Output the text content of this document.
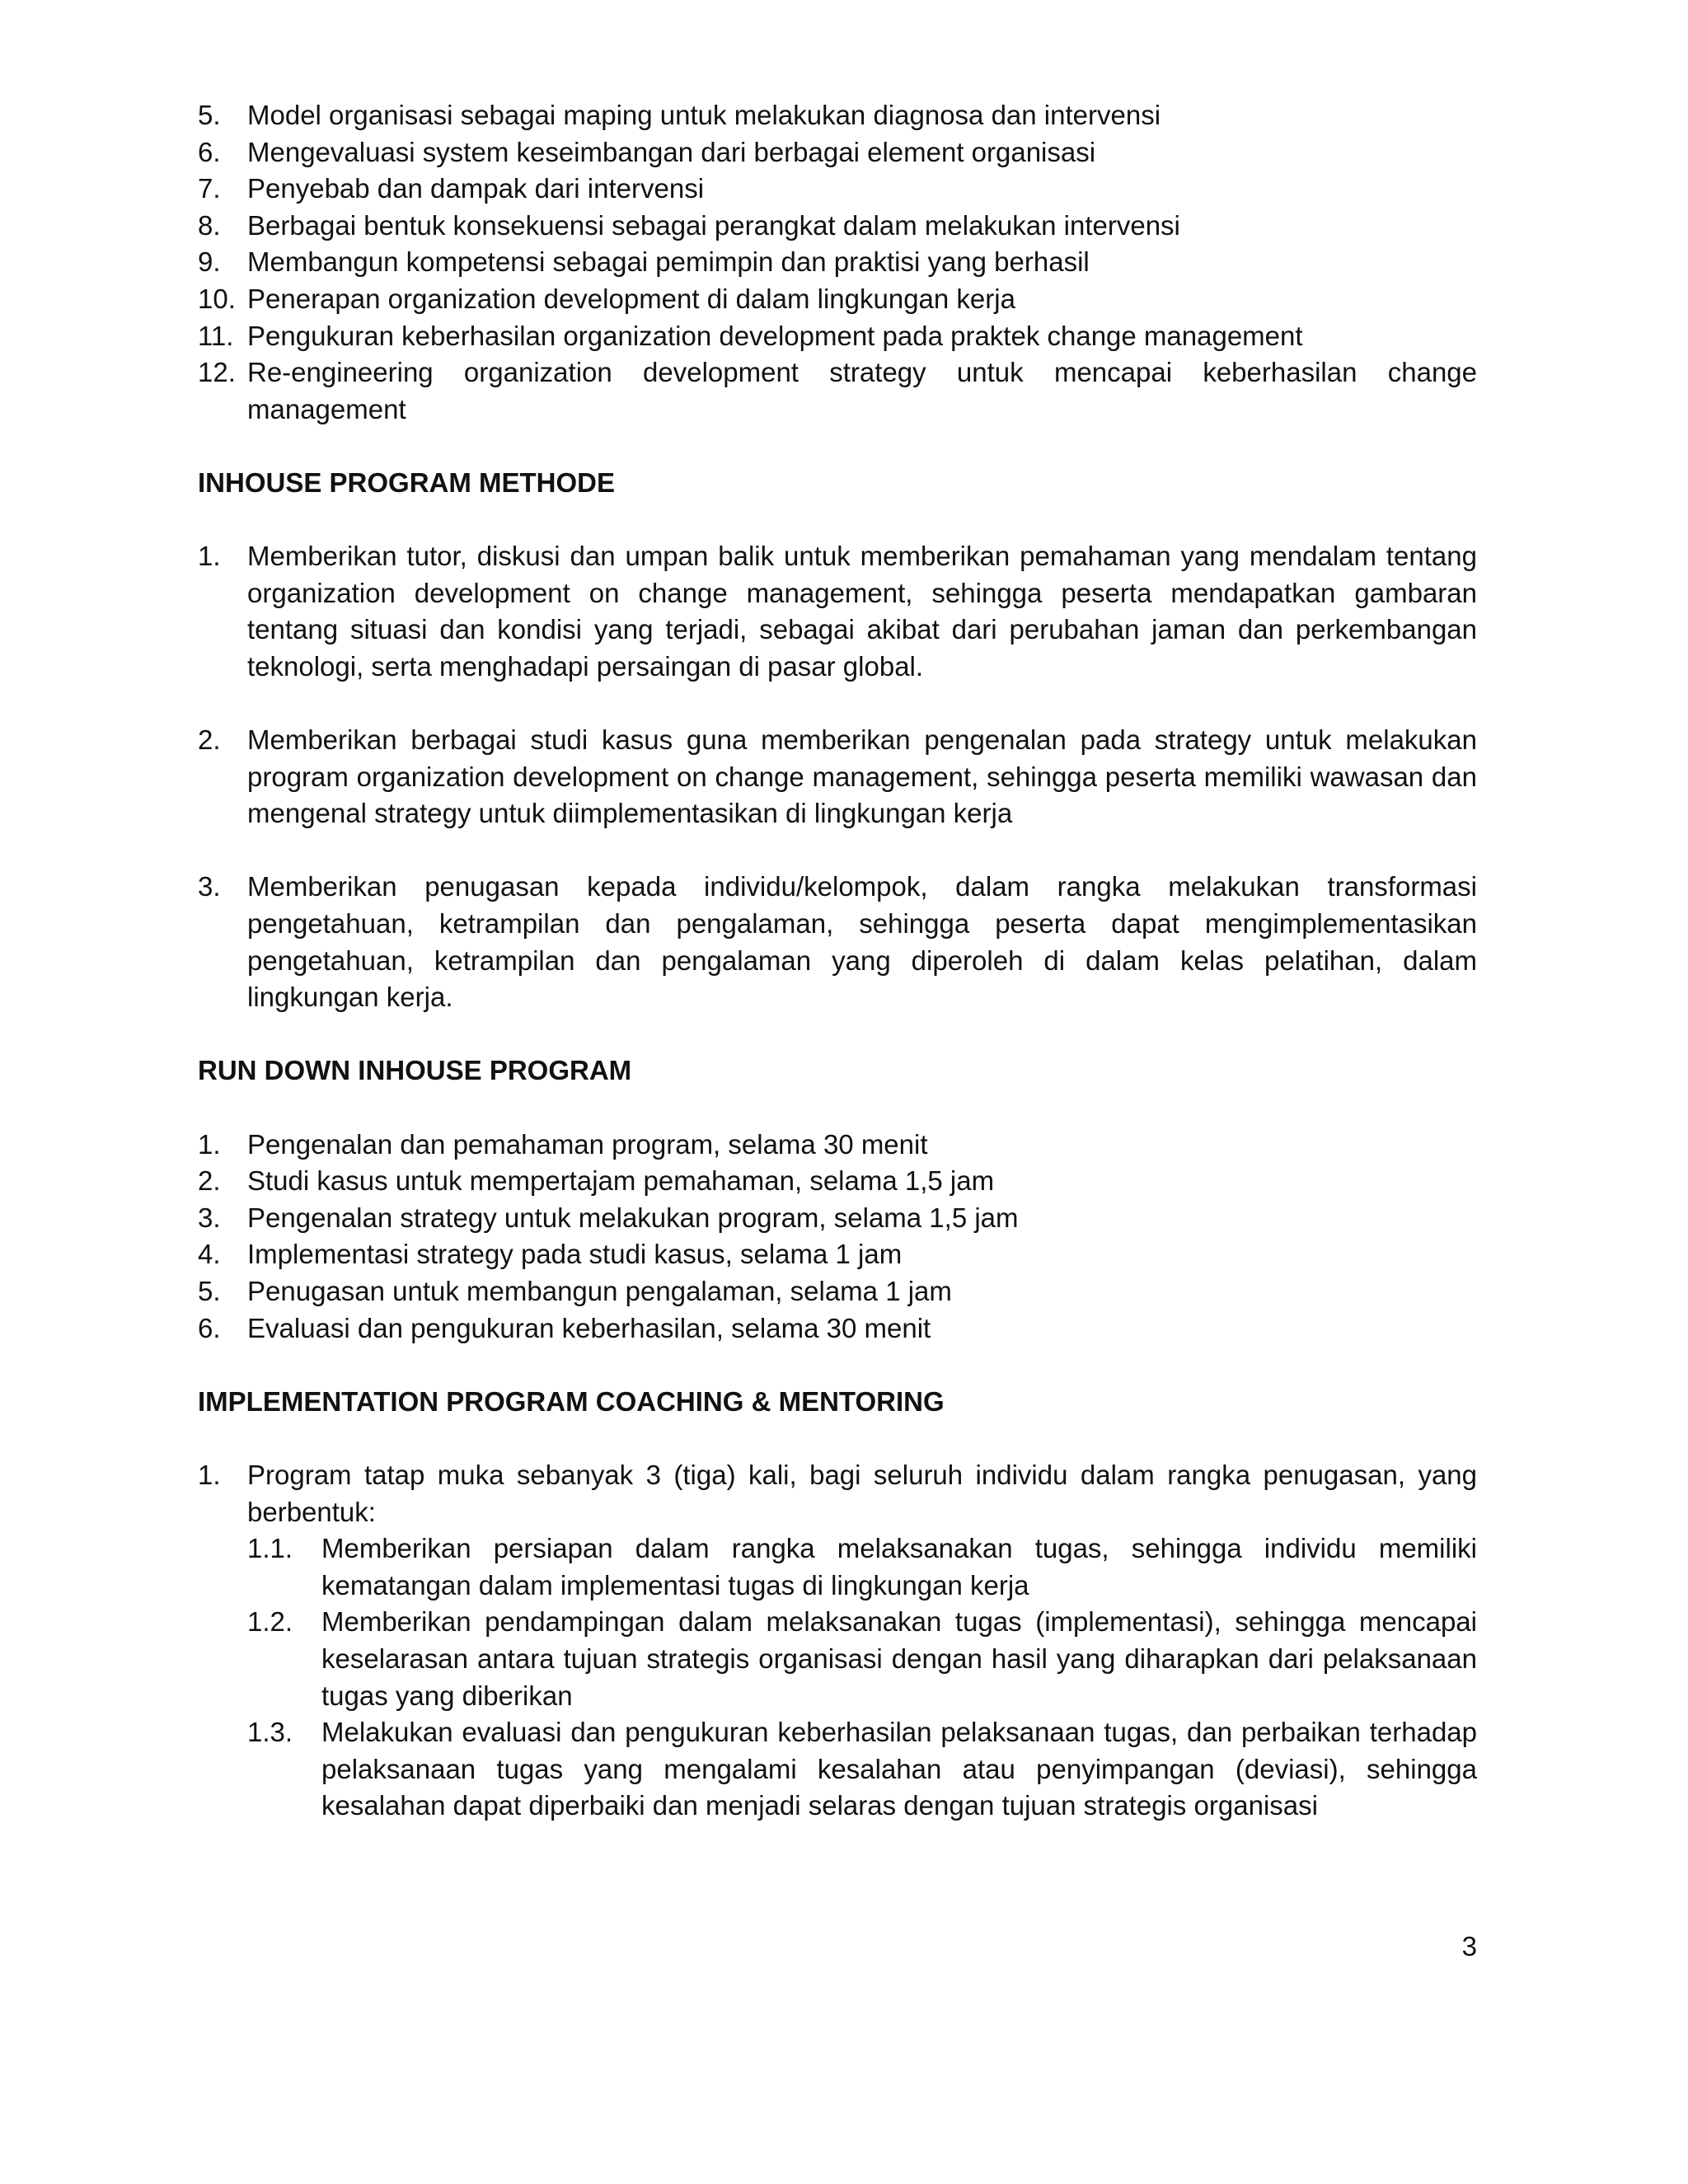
5. Model organisasi sebagai maping untuk melakukan diagnosa dan intervensi
6. Mengevaluasi system keseimbangan dari berbagai element organisasi
7. Penyebab dan dampak dari intervensi
8. Berbagai bentuk konsekuensi sebagai perangkat dalam melakukan intervensi
9. Membangun kompetensi sebagai pemimpin dan praktisi yang berhasil
10. Penerapan organization development di dalam lingkungan kerja
11. Pengukuran keberhasilan organization development pada praktek change management
12. Re-engineering organization development strategy untuk mencapai keberhasilan change management
INHOUSE PROGRAM METHODE
1. Memberikan tutor, diskusi dan umpan balik untuk memberikan pemahaman yang mendalam tentang organization development on change management, sehingga peserta mendapatkan gambaran tentang situasi dan kondisi yang terjadi, sebagai akibat dari perubahan jaman dan perkembangan teknologi, serta menghadapi persaingan di pasar global.
2. Memberikan berbagai studi kasus guna memberikan pengenalan pada strategy untuk melakukan program organization development on change management, sehingga peserta memiliki wawasan dan mengenal strategy untuk diimplementasikan di lingkungan kerja
3. Memberikan penugasan kepada individu/kelompok, dalam rangka melakukan transformasi pengetahuan, ketrampilan dan pengalaman, sehingga peserta dapat mengimplementasikan pengetahuan, ketrampilan dan pengalaman yang diperoleh di dalam kelas pelatihan, dalam lingkungan kerja.
RUN DOWN INHOUSE PROGRAM
1. Pengenalan dan pemahaman program, selama 30 menit
2. Studi kasus untuk mempertajam pemahaman, selama 1,5 jam
3. Pengenalan strategy untuk melakukan program, selama 1,5 jam
4. Implementasi strategy pada studi kasus, selama 1 jam
5. Penugasan untuk membangun pengalaman, selama 1 jam
6. Evaluasi dan pengukuran keberhasilan, selama 30 menit
IMPLEMENTATION PROGRAM COACHING & MENTORING
1. Program tatap muka sebanyak 3 (tiga) kali, bagi seluruh individu dalam rangka penugasan, yang berbentuk:
1.1.	Memberikan persiapan dalam rangka melaksanakan tugas, sehingga individu memiliki kematangan dalam implementasi tugas di lingkungan kerja
1.2.	Memberikan pendampingan dalam melaksanakan tugas (implementasi), sehingga mencapai keselarasan antara tujuan strategis organisasi dengan hasil yang diharapkan dari pelaksanaan tugas yang diberikan
1.3.	Melakukan evaluasi dan pengukuran keberhasilan pelaksanaan tugas, dan perbaikan terhadap pelaksanaan tugas yang mengalami kesalahan atau penyimpangan (deviasi), sehingga kesalahan dapat diperbaiki dan menjadi selaras dengan tujuan strategis organisasi
3
